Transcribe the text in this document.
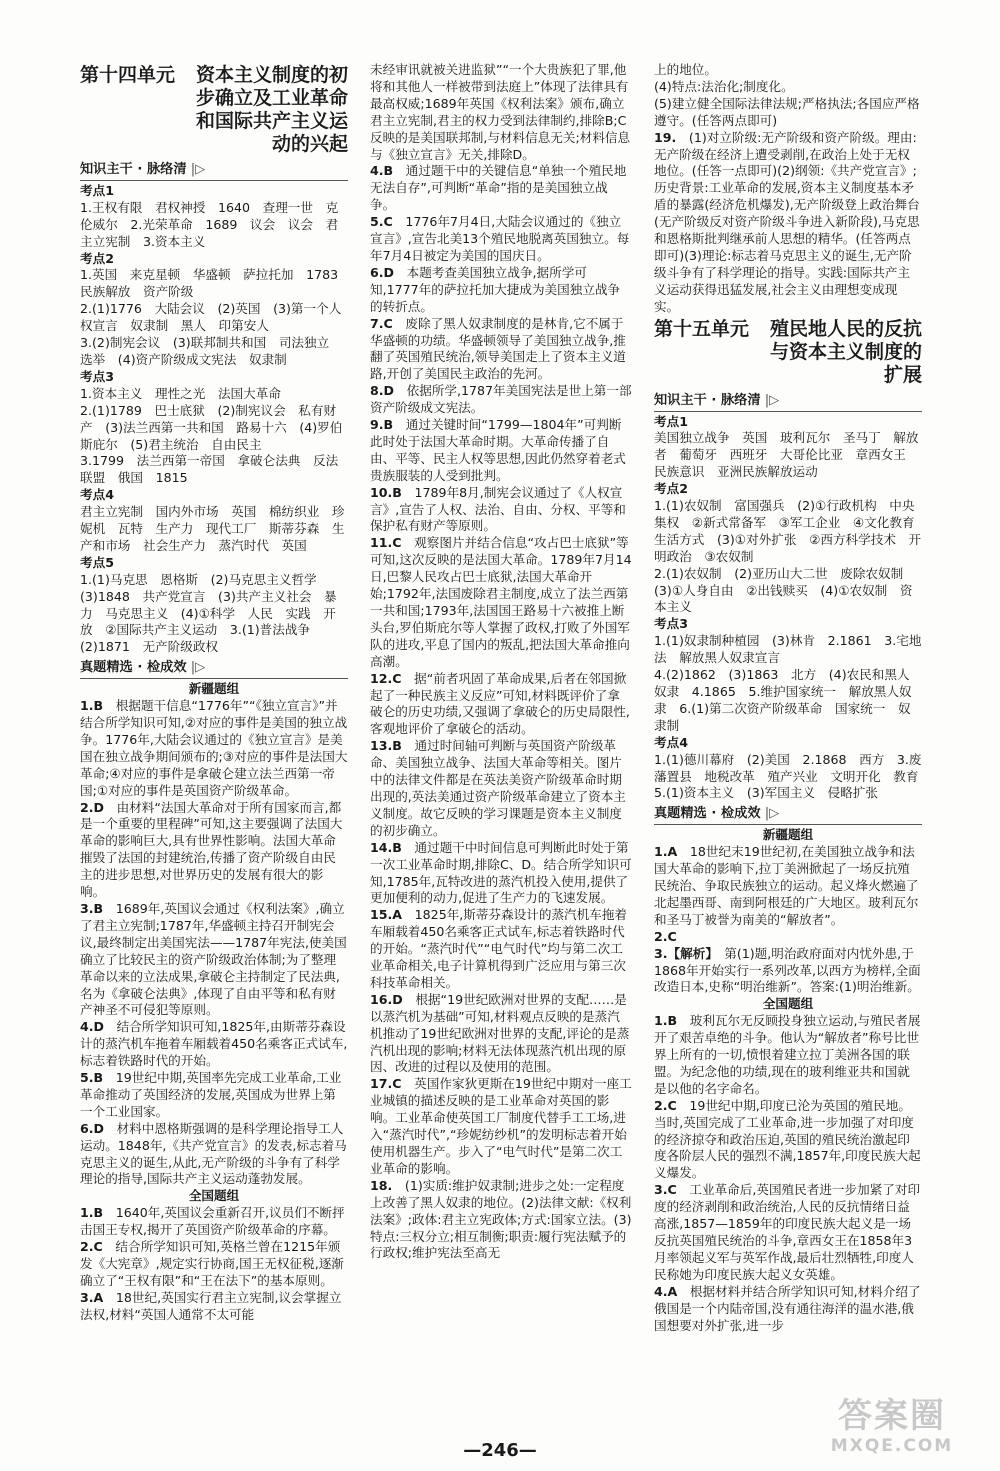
第十四单元	资本主义制度的初步确立及工业革命和国际共产主义运动的兴起
知识主干 · 脉络清 |▷

考点1

1.王权有限　君权神授　1640　查理一世　克伦威尔　2.光荣革命　1689　议会　议会　君主立宪制　3.资本主义

考点2

1.英国　来克星顿　华盛顿　萨拉托加　1783　民族解放　资产阶级

2.(1)1776　大陆会议　(2)英国　(3)第一个人权宣言　奴隶制　黑人　印第安人

3.(2)制宪会议　(3)联邦制共和国　司法独立　选举　(4)资产阶级成文宪法　奴隶制

考点3

1.资本主义　理性之光　法国大革命

2.(1)1789　巴士底狱　(2)制宪议会　私有财产　(3)法兰西第一共和国　路易十六　(4)罗伯斯庇尔　(5)君主统治　自由民主

3.1799　法兰西第一帝国　拿破仑法典　反法联盟　俄国　1815

考点4

君主立宪制　国内外市场　英国　棉纺织业　珍妮机　瓦特　生产力　现代工厂　斯蒂芬森　生产和市场　社会生产力　蒸汽时代　英国

考点5

1.(1)马克思　恩格斯　(2)马克思主义哲学　(3)1848　共产党宣言　(3)共产主义社会　暴力　马克思主义　(4)①科学　人民　实践　开放　②国际共产主义运动　3.(1)普法战争　(2)1871　无产阶级政权

真题精选 · 检成效 |▷

新疆题组

1.B　 根据题干信息“1776年”“《独立宣言》”并结合所学知识可知,②对应的事件是美国的独立战争。1776年,大陆会议通过的《独立宣言》是美国在独立战争期间颁布的;③对应的事件是法国大革命;④对应的事件是拿破仑建立法兰西第一帝国;①对应的事件是英国资产阶级革命。

2.D　 由材料“法国大革命对于所有国家而言,都是一个重要的里程碑”可知,这主要强调了法国大革命的影响巨大,具有世界性影响。法国大革命摧毁了法国的封建统治,传播了资产阶级自由民主的进步思想,对世界历史的发展有很大的影响。

3.B　 1689年,英国议会通过《权利法案》,确立了君主立宪制;1787年,华盛顿主持召开制宪会议,最终制定出美国宪法——1787年宪法,使美国确立了比较民主的资产阶级政治体制;为了整理革命以来的立法成果,拿破仑主持制定了民法典,名为《拿破仑法典》,体现了自由平等和私有财产神圣不可侵犯等原则。

4.D　 结合所学知识可知,1825年,由斯蒂芬森设计的蒸汽机车拖着车厢载着450名乘客正式试车,标志着铁路时代的开始。

5.B　 19世纪中期,英国率先完成工业革命,工业革命推动了英国经济的发展,英国成为世界上第一个工业国家。

6.D　 材料中恩格斯强调的是科学理论指导工人运动。1848年,《共产党宣言》的发表,标志着马克思主义的诞生,从此,无产阶级的斗争有了科学理论的指导,国际共产主义运动蓬勃发展。

全国题组

1.B　 1640年,英国议会重新召开,议员们不断抨击国王专权,揭开了英国资产阶级革命的序幕。

2.C　 结合所学知识可知,英格兰曾在1215年颁发《大宪章》,规定实行协商,国王无权征税,逐渐确立了“王权有限”和“王在法下”的基本原则。

3.A　 18世纪,英国实行君主立宪制,议会掌握立法权,材料“英国人通常不太可能

未经审讯就被关进监狱”“一个大贵族犯了罪,他将和其他人一样被带到法庭上”体现了法律具有最高权威;1689年英国《权利法案》颁布,确立君主立宪制,君主的权力受到法律制约,排除B;C反映的是美国联邦制,与材料信息无关;材料信息与《独立宣言》无关,排除D。

4.B　 通过题干中的关键信息“单独一个殖民地无法自存”,可判断“革命”指的是美国独立战争。

5.C　 1776年7月4日,大陆会议通过的《独立宣言》,宣告北美13个殖民地脱离英国独立。每年7月4日被定为美国的国庆日。

6.D　 本题考查美国独立战争,据所学可知,1777年的萨拉托加大捷成为美国独立战争的转折点。

7.C　 废除了黑人奴隶制度的是林肯,它不属于华盛顿的功绩。华盛顿领导了美国独立战争,推翻了英国殖民统治,领导美国走上了资本主义道路,开创了美国民主政治的先河。

8.D　 依据所学,1787年美国宪法是世上第一部资产阶级成文宪法。

9.B　 通过关键时间“1799—1804年”可判断此时处于法国大革命时期。大革命传播了自由、平等、民主人权等思想,因此仍然穿着老式贵族服装的人受到批判。

10.B　 1789年8月,制宪会议通过了《人权宣言》,宣告了人权、法治、自由、分权、平等和保护私有财产等原则。

11.C　 观察图片并结合信息“攻占巴士底狱”等可知,这次反映的是法国大革命。1789年7月14日,巴黎人民攻占巴士底狱,法国大革命开始;1792年,法国废除君主制度,成立了法兰西第一共和国;1793年,法国国王路易十六被推上断头台,罗伯斯庇尔等人掌握了政权,打败了外国军队的进攻,平息了国内的叛乱,把法国大革命推向高潮。

12.C　 据“前者巩固了革命成果,后者在邻国掀起了一种民族主义反应”可知,材料既评价了拿破仑的历史功绩,又强调了拿破仑的历史局限性,客观地评价了拿破仑的活动。

13.B　 通过时间轴可判断与英国资产阶级革命、美国独立战争、法国大革命等相关。图片中的法律文件都是在英法美资产阶级革命时期出现的,英法美通过资产阶级革命建立了资本主义制度。故它反映的学习课题是资本主义制度的初步确立。

14.B　 通过题干中时间信息可判断此时处于第一次工业革命时期,排除C、D。结合所学知识可知,1785年,瓦特改进的蒸汽机投入使用,提供了更加便利的动力,促进了生产力的飞速发展。

15.A　 1825年,斯蒂芬森设计的蒸汽机车拖着车厢载着450名乘客正式试车,标志着铁路时代的开始。“蒸汽时代”“电气时代”均与第二次工业革命相关,电子计算机得到广泛应用与第三次科技革命相关。

16.D　 根据“19世纪欧洲对世界的支配……是以蒸汽机为基础”可知,材料观点反映的是蒸汽机推动了19世纪欧洲对世界的支配,评论的是蒸汽机出现的影响;材料无法体现蒸汽机出现的原因、改进的过程以及使用的范围。

17.C　 英国作家狄更斯在19世纪中期对一座工业城镇的描述反映的是工业革命对英国的影响。工业革命使英国工厂制度代替手工工场,进入“蒸汽时代”,“珍妮纺纱机”的发明标志着开始使用机器生产。步入了“电气时代”是第二次工业革命的影响。

18.　 (1)实质:维护奴隶制;进步之处:一定程度上改善了黑人奴隶的地位。(2)法律文献:《权利法案》;政体:君主立宪政体;方式:国家立法。(3)特点:三权分立;相互制衡;职责:履行宪法赋予的行政权;维护宪法至高无

上的地位。

(4)特点:法治化;制度化。

(5)建立健全国际法律法规;严格执法;各国应严格遵守。(任答两点即可)

19.　 (1)对立阶级:无产阶级和资产阶级。理由:无产阶级在经济上遭受剥削,在政治上处于无权地位。(任答一点即可)(2)纲领:《共产党宣言》;历史背景:工业革命的发展,资本主义制度基本矛盾的暴露(经济危机爆发),无产阶级登上政治舞台(无产阶级反对资产阶级斗争进入新阶段),马克思和恩格斯批判继承前人思想的精华。(任答两点即可)(3)理论:标志着马克思主义的诞生,无产阶级斗争有了科学理论的指导。实践:国际共产主义运动获得迅猛发展,社会主义由理想变成现实。

第十五单元	殖民地人民的反抗与资本主义制度的扩展
知识主干 · 脉络清 |▷

考点1

美国独立战争　英国　玻利瓦尔　圣马丁　解放者　葡萄牙　西班牙　大哥伦比亚　章西女王　民族意识　亚洲民族解放运动

考点2

1.(1)农奴制　富国强兵　(2)①行政机构　中央集权　②新式常备军　③军工企业　④文化教育　生活方式　(3)①对外扩张　②西方科学技术　开明政治　③农奴制

2.(1)农奴制　(2)亚历山大二世　废除农奴制　(3)①人身自由　②出钱赎买　(4)①农奴制　资本主义

考点3

1.(1)奴隶制种植园　(3)林肯　2.1861　3.宅地法　解放黑人奴隶宣言

4.(2)1862　(3)1863　北方　(4)农民和黑人奴隶　4.1865　5.维护国家统一　解放黑人奴隶　6.(1)第二次资产阶级革命　国家统一　奴隶制

考点4

1.(1)德川幕府　(2)美国　2.1868　西方　3.废藩置县　地税改革　殖产兴业　文明开化　教育　5.(1)资本主义　(3)军国主义　侵略扩张

真题精选 · 检成效 |▷

新疆题组

1.A　 18世纪末19世纪初,在美国独立战争和法国大革命的影响下,拉丁美洲掀起了一场反抗殖民统治、争取民族独立的运动。起义烽火燃遍了北起墨西哥、南到阿根廷的广大地区。玻利瓦尔和圣马丁被誉为南美的“解放者”。

2.C　

3.【解析】　 第(1)题,明治政府面对内忧外患,于1868年开始实行一系列改革,以西方为榜样,全面改造日本,史称“明治维新”。答案:(1)明治维新。

全国题组

1.B　 玻利瓦尔无反顾投身独立运动,与殖民者展开了艰苦卓绝的斗争。他认为“解放者”称号比世界上所有的一切,愤恨着建立拉丁美洲各国的联盟。为纪念他的功绩,现在的玻利维亚共和国就是以他的名字命名。

2.C　 19世纪中期,印度已沦为英国的殖民地。当时,英国完成了工业革命,进一步加强了对印度的经济掠夺和政治压迫,英国的殖民统治激起印度各阶层人民的强烈不满,1857年,印度民族大起义爆发。

3.C　 工业革命后,英国殖民者进一步加紧了对印度的经济剥削和政治统治,人民的反抗情绪日益高涨,1857—1859年的印度民族大起义是一场反抗英国殖民统治的斗争,章西女王在1858年3月率领起义军与英军作战,最后壮烈牺牲,印度人民称她为印度民族大起义女英雄。

4.A　 根据材料并结合所学知识可知,材料介绍了俄国是一个内陆帝国,没有通往海洋的温水港,俄国想要对外扩张,进一步

—246—
答案圈
MXQE.COM
